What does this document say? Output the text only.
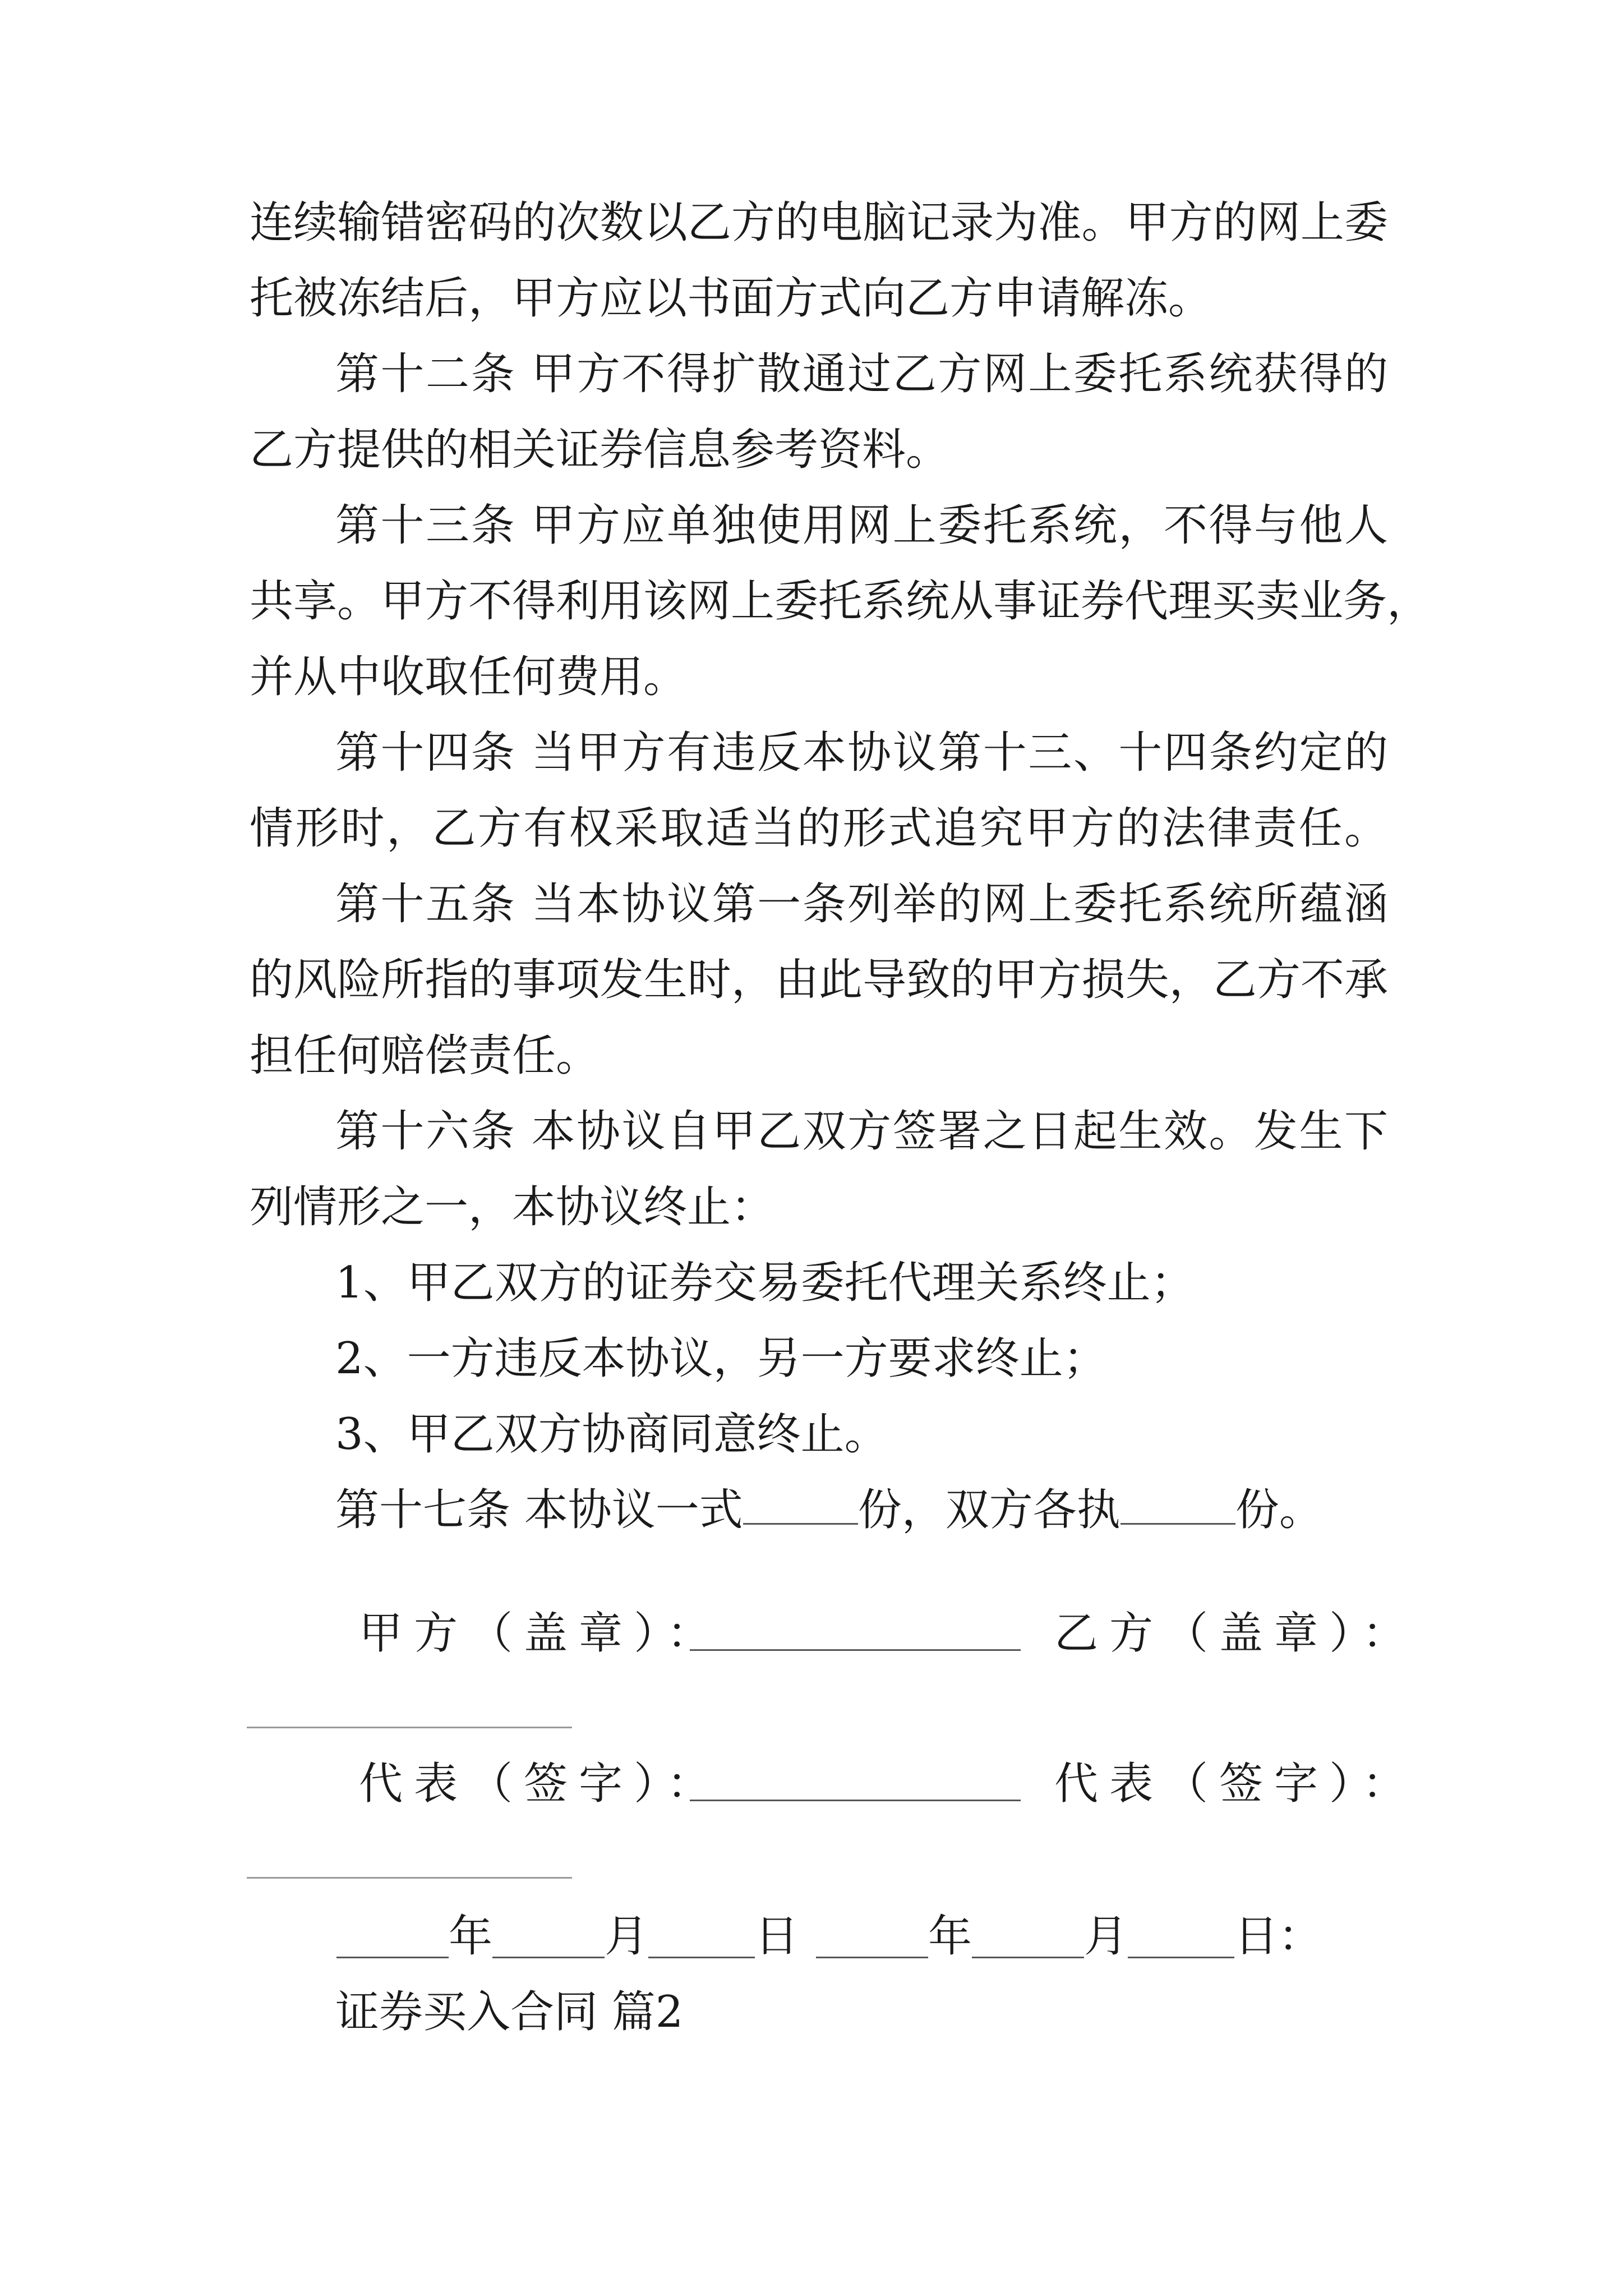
连续输错密码的次数以乙方的电脑记录为准。甲方的网上委
托被冻结后，甲方应以书面方式向乙方申请解冻。
第十二条 甲方不得扩散通过乙方网上委托系统获得的
乙方提供的相关证券信息参考资料。
第十三条 甲方应单独使用网上委托系统，不得与他人
共享。甲方不得利用该网上委托系统从事证券代理买卖业务，
并从中收取任何费用。
第十四条 当甲方有违反本协议第十三、十四条约定的
情形时，乙方有权采取适当的形式追究甲方的法律责任。
第十五条 当本协议第一条列举的网上委托系统所蕴涵
的风险所指的事项发生时，由此导致的甲方损失，乙方不承
担任何赔偿责任。
第十六条 本协议自甲乙双方签署之日起生效。发生下
列情形之一，本协议终止：
1、甲乙双方的证券交易委托代理关系终止；
2、一方违反本协议，另一方要求终止；
3、甲乙双方协商同意终止。
第十七条 本协议一式	份，双方各执	份。
甲方（盖章）：	乙方（盖章）：
代表（签字）：	代表（签字）：
年	月 日	年	月 日：
证券买入合同 篇2
